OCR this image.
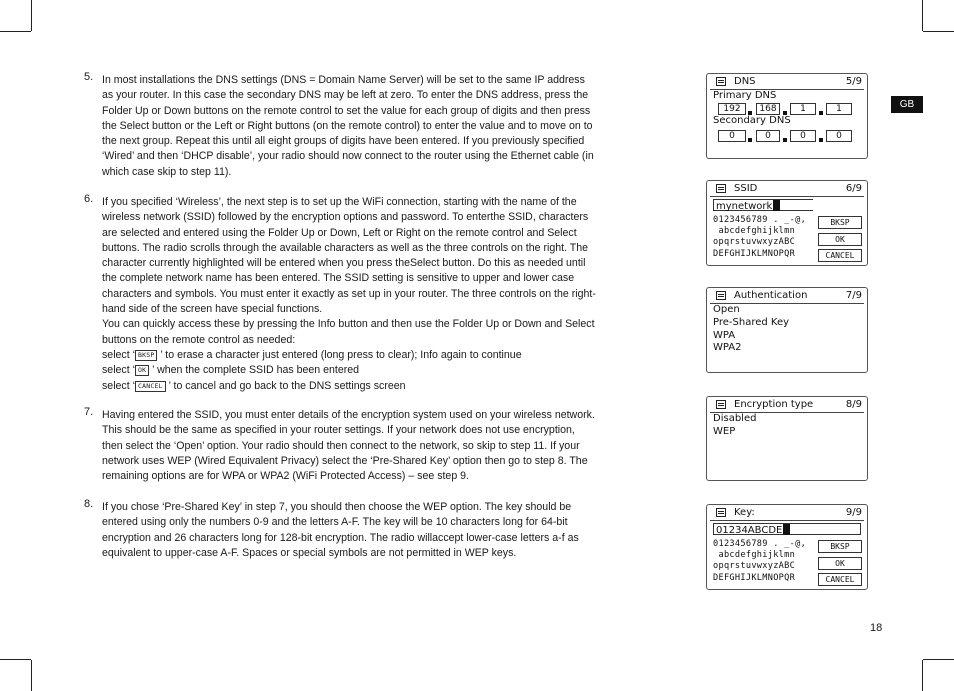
5. In most installations the DNS settings (DNS = Domain Name Server) will be set to the same IP address as your router. In this case the secondary DNS may be left at zero. To enter the DNS address, press the Folder Up or Down buttons on the remote control to set the value for each group of digits and then press the Select button or the Left or Right buttons (on the remote control) to enter the value and to move on to the next group. Repeat this until all eight groups of digits have been entered. If you previously specified ‘Wired’ and then ‘DHCP disable’, your radio should now connect to the router using the Ethernet cable (in which case skip to step 11).
6. If you specified ‘Wireless’, the next step is to set up the WiFi connection, starting with the name of the wireless network (SSID) followed by the encryption options and password. To enterthe SSID, characters are selected and entered using the Folder Up or Down, Left or Right on the remote control and Select buttons. The radio scrolls through the available characters as well as the three controls on the right. The character currently highlighted will be entered when you press theSelect button. Do this as needed until the complete network name has been entered. The SSID setting is sensitive to upper and lower case characters and symbols. You must enter it exactly as set up in your router. The three controls on the right-hand side of the screen have special functions.
You can quickly access these by pressing the Info button and then use the Folder Up or Down and Select buttons on the remote control as needed:
select ‘ BKSP ’ to erase a character just entered (long press to clear); Info again to continue
select ‘ OK ’ when the complete SSID has been entered
select ‘ CANCEL ’ to cancel and go back to the DNS settings screen
7. Having entered the SSID, you must enter details of the encryption system used on your wireless network. This should be the same as specified in your router settings. If your network does not use encryption, then select the ‘Open’ option. Your radio should then connect to the network, so skip to step 11. If your network uses WEP (Wired Equivalent Privacy) select the ‘Pre-Shared Key’ option then go to step 8. The remaining options are for WPA or WPA2 (WiFi Protected Access) – see step 9.
8. If you chose ‘Pre-Shared Key’ in step 7, you should then choose the WEP option. The key should be entered using only the numbers 0-9 and the letters A-F. The key will be 10 characters long for 64-bit encryption and 26 characters long for 128-bit encryption. The radio willaccept lower-case letters a-f as equivalent to upper-case A-F. Spaces or special symbols are not permitted in WEP keys.
DNS	5/9
Primary DNS
192	168	1	1
Secondary DNS
0	0	0	0
SSID	6/9
mynetwork
0123456789 . _-@,
abcdefghijklmn
opqrstuvwxyzABC
DEFGHIJKLMNOPQR
BKSP
OK
CANCEL
Authentication	7/9
Open
Pre-Shared Key
WPA
WPA2
Encryption type	8/9
Disabled
WEP
Key:	9/9
01234ABCDE
0123456789 . _-@,
abcdefghijklmn
opqrstuvwxyzABC
DEFGHIJKLMNOPQR
BKSP
OK
CANCEL
GB
18
